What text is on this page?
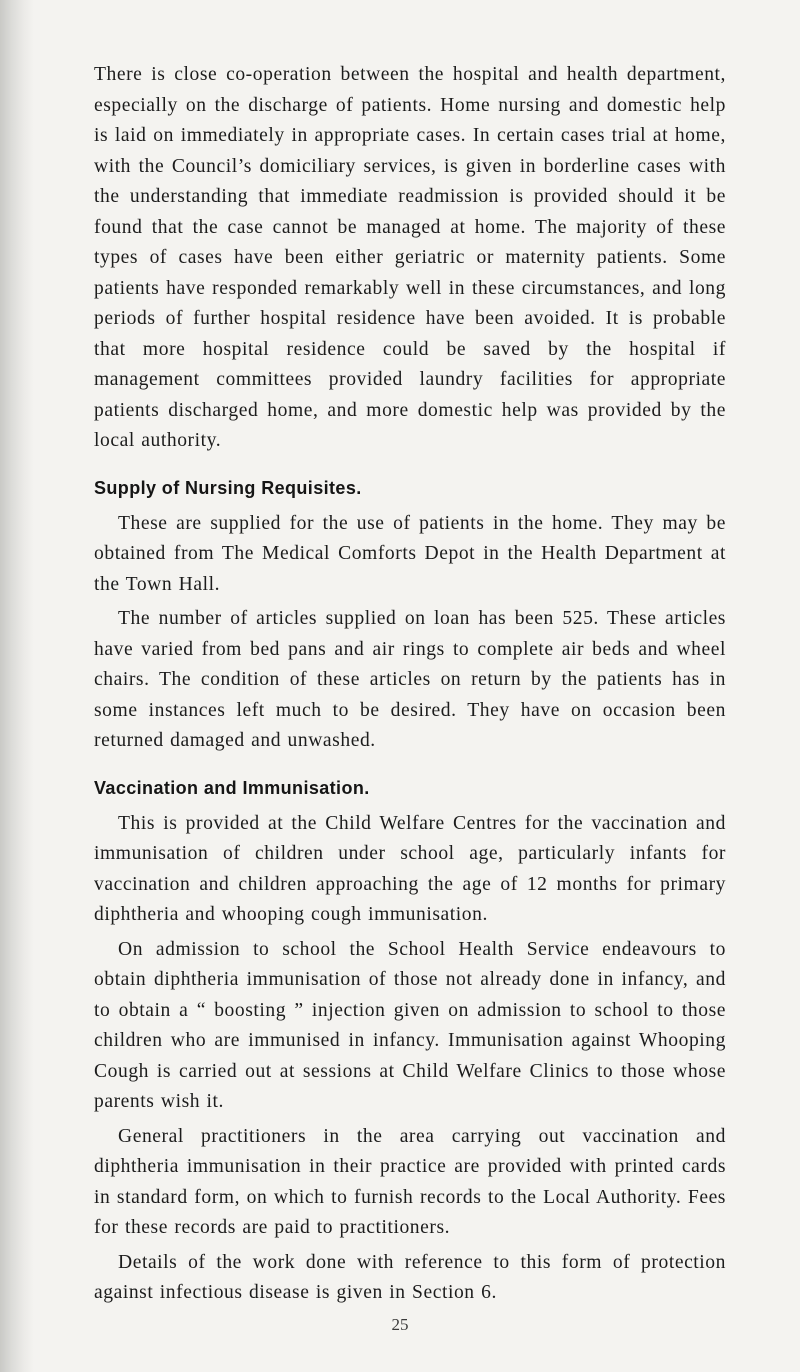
There is close co-operation between the hospital and health department, especially on the discharge of patients. Home nursing and domestic help is laid on immediately in appropriate cases. In certain cases trial at home, with the Council’s domiciliary services, is given in borderline cases with the understanding that immediate readmission is provided should it be found that the case cannot be managed at home. The majority of these types of cases have been either geriatric or maternity patients. Some patients have responded remarkably well in these circumstances, and long periods of further hospital residence have been avoided. It is probable that more hospital residence could be saved by the hospital if management committees provided laundry facilities for appropriate patients discharged home, and more domestic help was provided by the local authority.

Supply of Nursing Requisites.

These are supplied for the use of patients in the home. They may be obtained from The Medical Comforts Depot in the Health Department at the Town Hall.

The number of articles supplied on loan has been 525. These articles have varied from bed pans and air rings to complete air beds and wheel chairs. The condition of these articles on return by the patients has in some instances left much to be desired. They have on occasion been returned damaged and unwashed.

Vaccination and Immunisation.

This is provided at the Child Welfare Centres for the vaccination and immunisation of children under school age, particularly infants for vaccination and children approaching the age of 12 months for primary diphtheria and whooping cough immunisation.

On admission to school the School Health Service endeavours to obtain diphtheria immunisation of those not already done in infancy, and to obtain a “ boosting ” injection given on admission to school to those children who are immunised in infancy. Immunisation against Whooping Cough is carried out at sessions at Child Welfare Clinics to those whose parents wish it.

General practitioners in the area carrying out vaccination and diphtheria immunisation in their practice are provided with printed cards in standard form, on which to furnish records to the Local Authority. Fees for these records are paid to practitioners.

Details of the work done with reference to this form of protection against infectious disease is given in Section 6.

25
